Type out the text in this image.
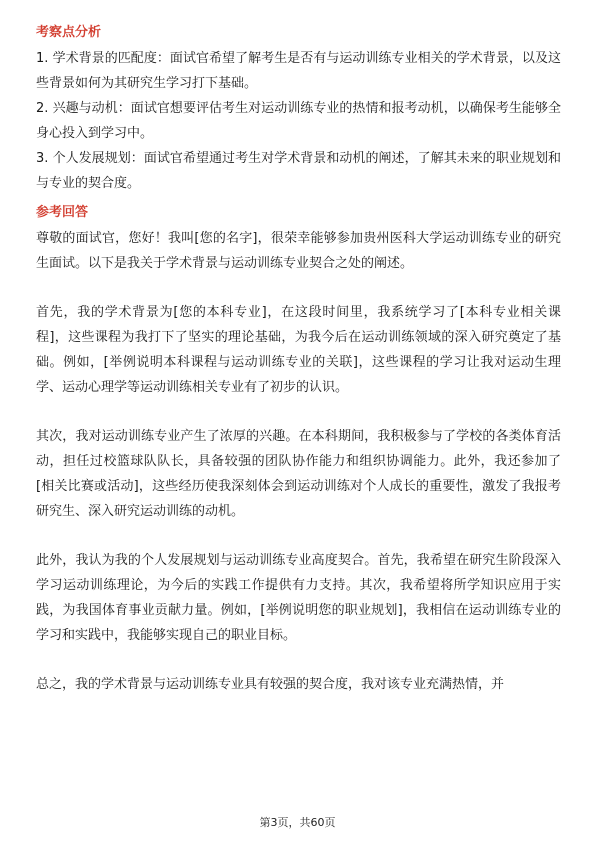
考察点分析

1. 学术背景的匹配度：面试官希望了解考生是否有与运动训练专业相关的学术背景，以及这些背景如何为其研究生学习打下基础。

2. 兴趣与动机：面试官想要评估考生对运动训练专业的热情和报考动机，以确保考生能够全身心投入到学习中。

3. 个人发展规划：面试官希望通过考生对学术背景和动机的阐述，了解其未来的职业规划和与专业的契合度。

参考回答

尊敬的面试官，您好！我叫[您的名字]，很荣幸能够参加贵州医科大学运动训练专业的研究生面试。以下是我关于学术背景与运动训练专业契合之处的阐述。

首先，我的学术背景为[您的本科专业]，在这段时间里，我系统学习了[本科专业相关课程]，这些课程为我打下了坚实的理论基础，为我今后在运动训练领域的深入研究奠定了基础。例如，[举例说明本科课程与运动训练专业的关联]，这些课程的学习让我对运动生理学、运动心理学等运动训练相关专业有了初步的认识。

其次，我对运动训练专业产生了浓厚的兴趣。在本科期间，我积极参与了学校的各类体育活动，担任过校篮球队队长，具备较强的团队协作能力和组织协调能力。此外，我还参加了[相关比赛或活动]，这些经历使我深刻体会到运动训练对个人成长的重要性，激发了我报考研究生、深入研究运动训练的动机。

此外，我认为我的个人发展规划与运动训练专业高度契合。首先，我希望在研究生阶段深入学习运动训练理论，为今后的实践工作提供有力支持。其次，我希望将所学知识应用于实践，为我国体育事业贡献力量。例如，[举例说明您的职业规划]，我相信在运动训练专业的学习和实践中，我能够实现自己的职业目标。

总之，我的学术背景与运动训练专业具有较强的契合度，我对该专业充满热情，并

第3页，共60页
